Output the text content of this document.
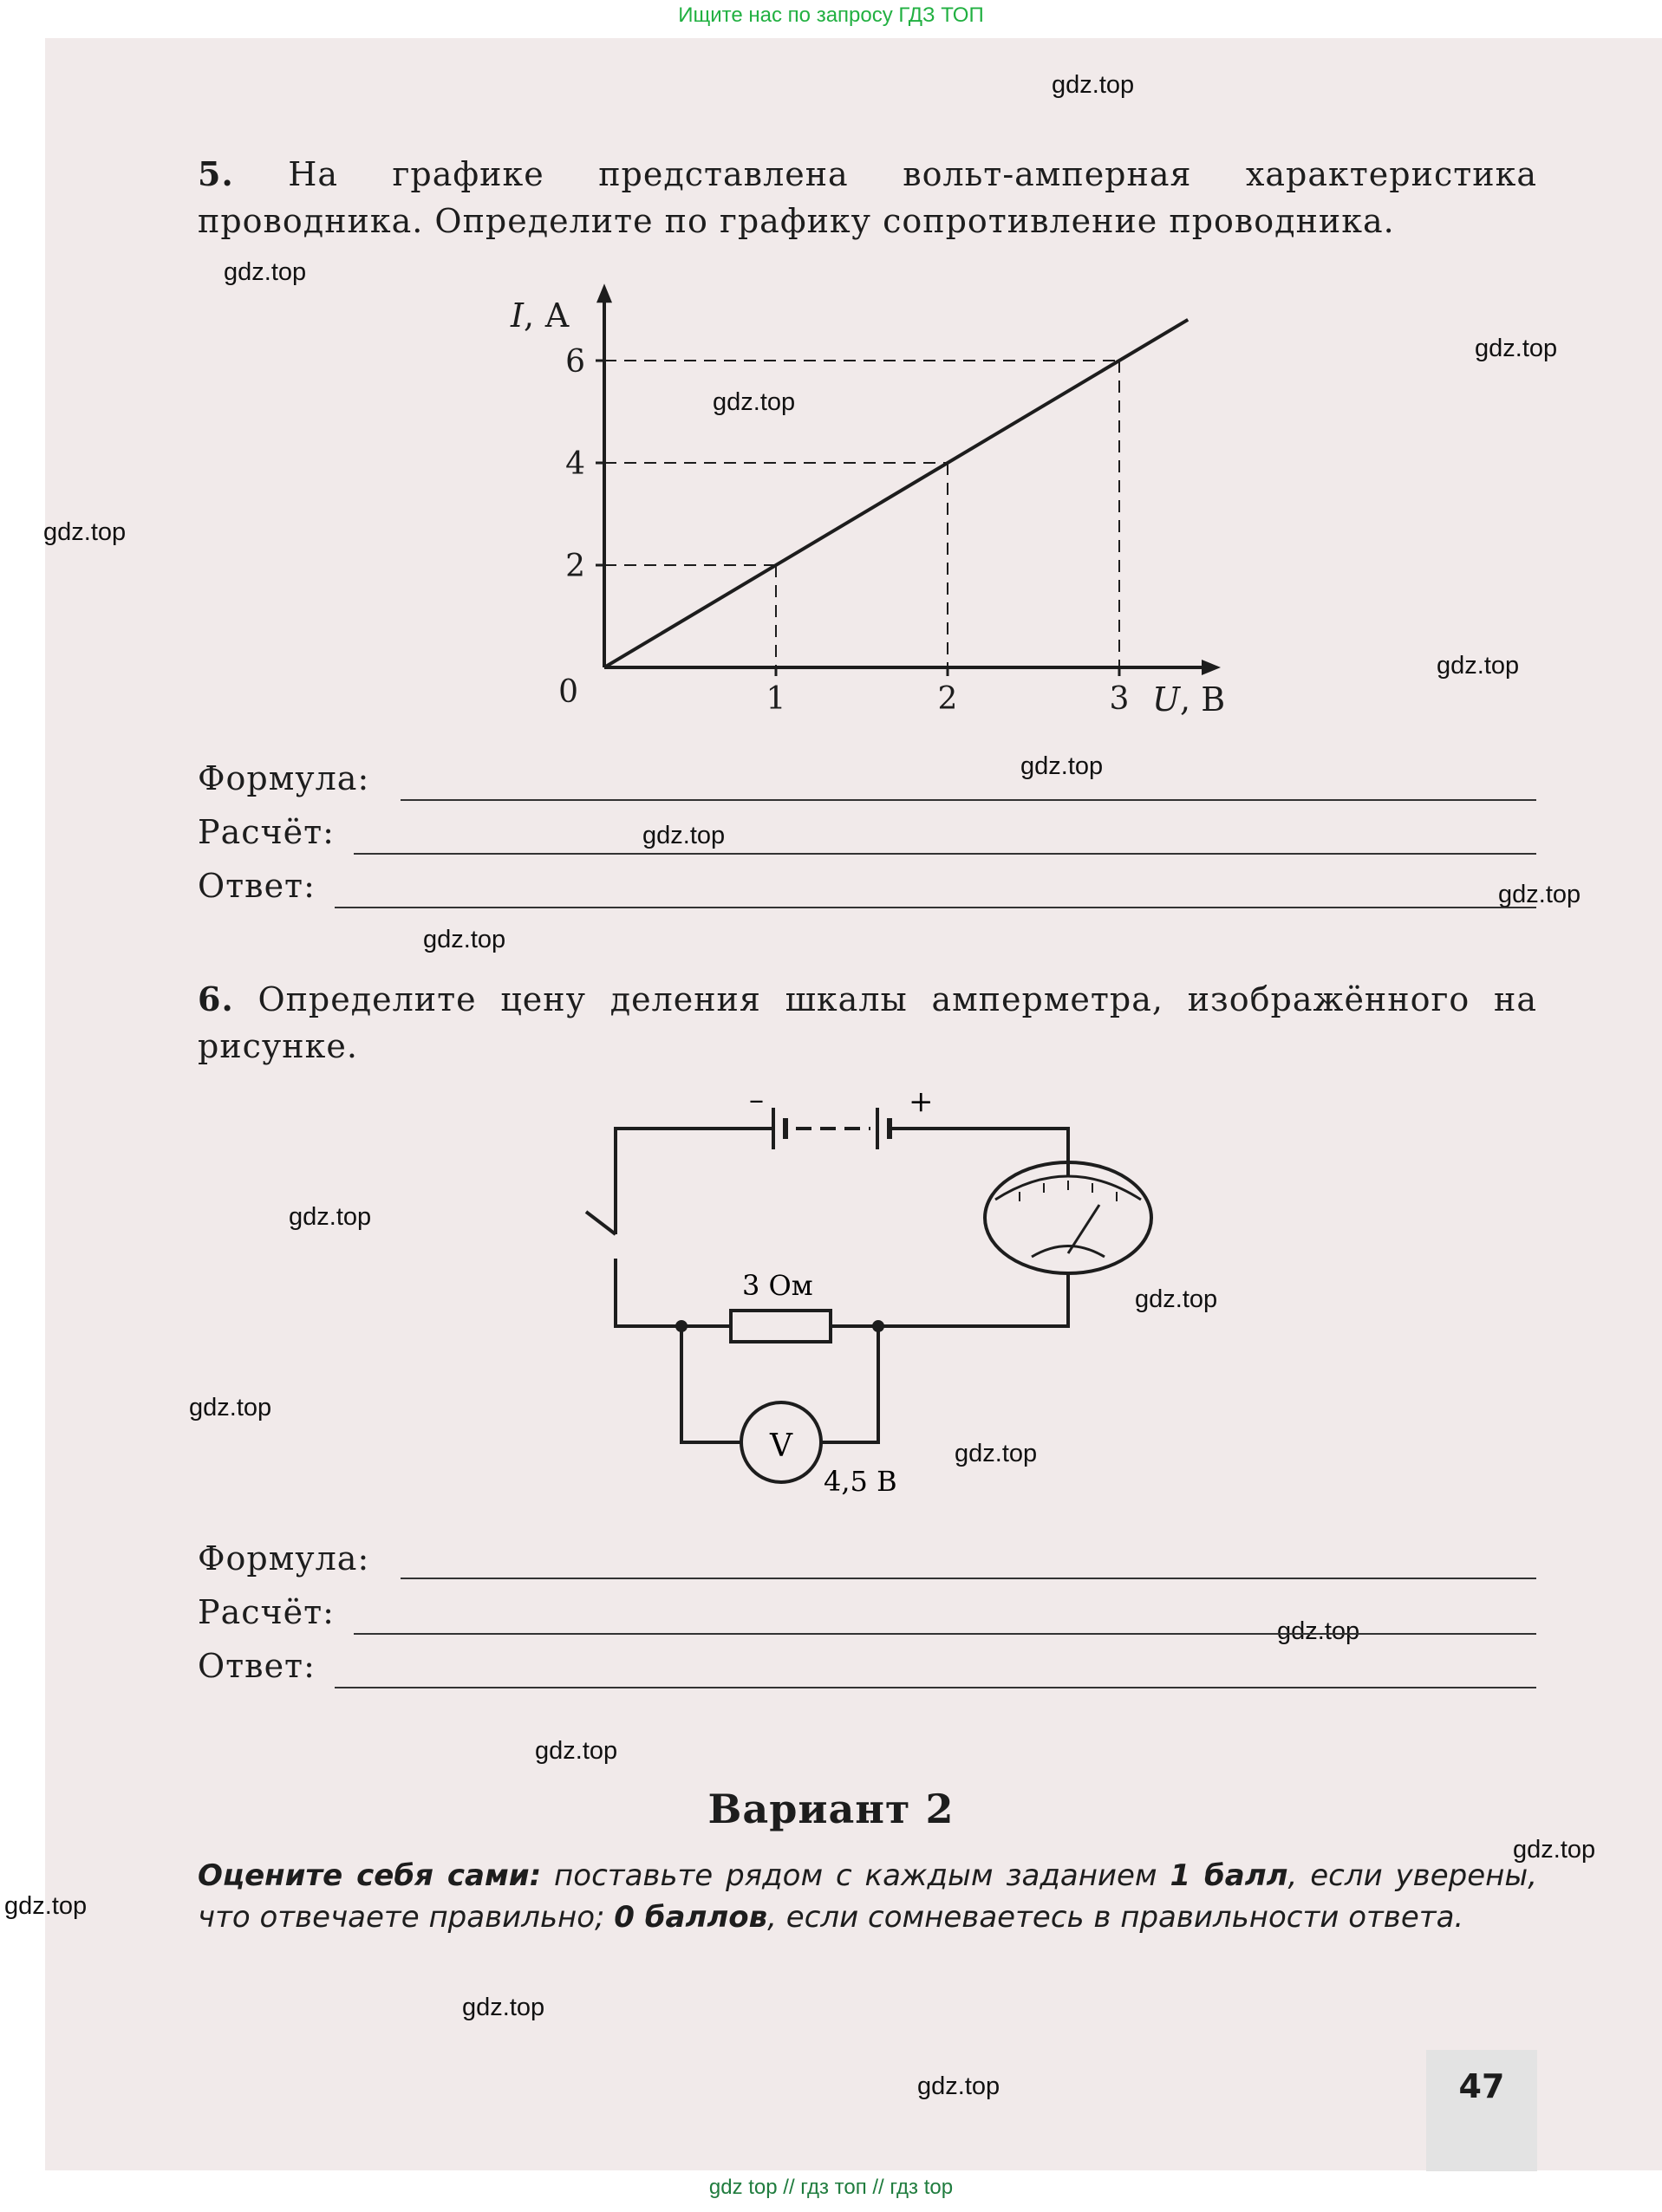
Ищите нас по запросу ГДЗ ТОП
gdz.top
gdz.top
gdz.top
gdz.top
gdz.top
gdz.top
gdz.top
gdz.top
gdz.top
gdz.top
gdz.top
gdz.top
gdz.top
gdz.top
gdz.top
gdz.top
gdz.top
gdz.top
gdz.top
gdz.top
5. На графике представлена вольт-амперная характеристика проводника. Определите по графику сопротивление проводника.
1	2	3
2
4
6
0
I, А
U, В
Формула:
Расчёт:
Ответ:
6. Определите цену деления шкалы амперметра, изображённого на рисунке.
–	+
3 Ом
V
4,5 В
Формула:
Расчёт:
Ответ:
Вариант 2
Оцените себя сами: поставьте рядом с каждым заданием 1 балл, если уверены, что отвечаете правильно; 0 баллов, если сомневаетесь в правильности ответа.
47
gdz top // гдз топ // гдз top
